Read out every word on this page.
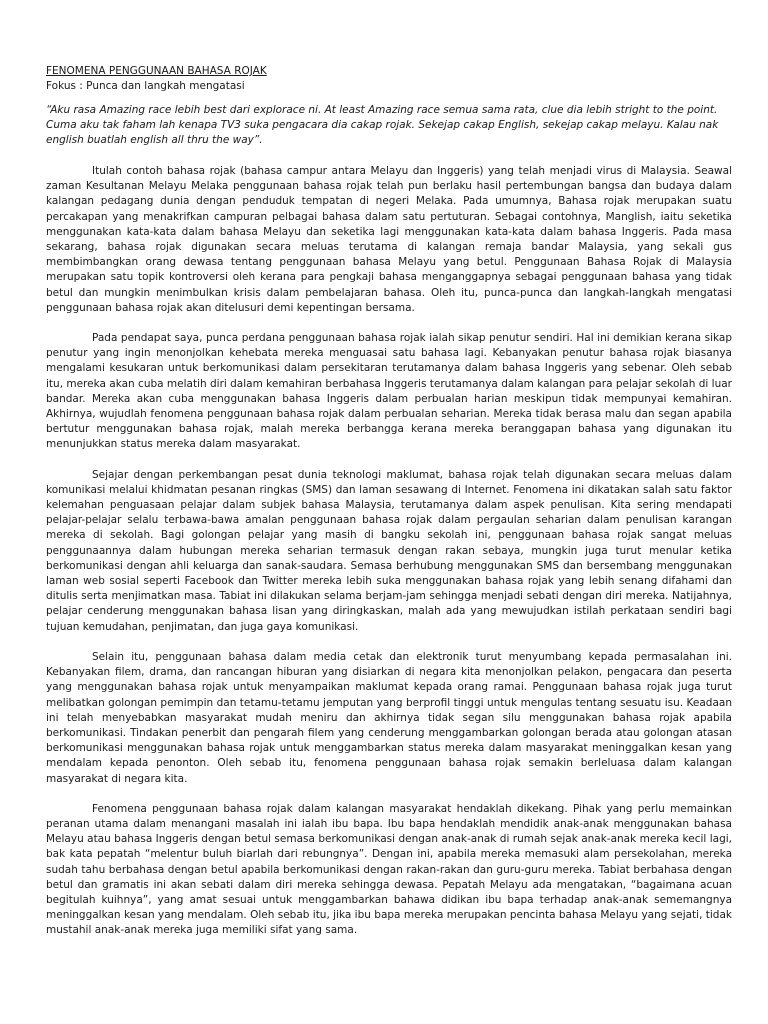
FENOMENA PENGGUNAAN BAHASA ROJAK

Fokus : Punca dan langkah mengatasi

“Aku rasa Amazing race lebih best dari explorace ni. At least Amazing race semua sama rata, clue dia lebih stright to the point. Cuma aku tak faham lah kenapa TV3 suka pengacara dia cakap rojak. Sekejap cakap English, sekejap cakap melayu. Kalau nak english buatlah english all thru the way”.

Itulah contoh bahasa rojak (bahasa campur antara Melayu dan Inggeris) yang telah menjadi virus di Malaysia. Seawal zaman Kesultanan Melayu Melaka penggunaan bahasa rojak telah pun berlaku hasil pertembungan bangsa dan budaya dalam kalangan pedagang dunia dengan penduduk tempatan di negeri Melaka. Pada umumnya, Bahasa rojak merupakan suatu percakapan yang menakrifkan campuran pelbagai bahasa dalam satu pertuturan. Sebagai contohnya, Manglish, iaitu seketika menggunakan kata-kata dalam bahasa Melayu dan seketika lagi menggunakan kata-kata dalam bahasa Inggeris. Pada masa sekarang, bahasa rojak digunakan secara meluas terutama di kalangan remaja bandar Malaysia, yang sekali gus membimbangkan orang dewasa tentang penggunaan bahasa Melayu yang betul. Penggunaan Bahasa Rojak di Malaysia merupakan satu topik kontroversi oleh kerana para pengkaji bahasa menganggapnya sebagai penggunaan bahasa yang tidak betul dan mungkin menimbulkan krisis dalam pembelajaran bahasa. Oleh itu, punca-punca dan langkah-langkah mengatasi penggunaan bahasa rojak akan ditelusuri demi kepentingan bersama.

Pada pendapat saya, punca perdana penggunaan bahasa rojak ialah sikap penutur sendiri. Hal ini demikian kerana sikap penutur yang ingin menonjolkan kehebata mereka menguasai satu bahasa lagi. Kebanyakan penutur bahasa rojak biasanya mengalami kesukaran untuk berkomunikasi dalam persekitaran terutamanya dalam bahasa Inggeris yang sebenar. Oleh sebab itu, mereka akan cuba melatih diri dalam kemahiran berbahasa Inggeris terutamanya dalam kalangan para pelajar sekolah di luar bandar. Mereka akan cuba menggunakan bahasa Inggeris dalam perbualan harian meskipun tidak mempunyai kemahiran. Akhirnya, wujudlah fenomena penggunaan bahasa rojak dalam perbualan seharian. Mereka tidak berasa malu dan segan apabila bertutur menggunakan bahasa rojak, malah mereka berbangga kerana mereka beranggapan bahasa yang digunakan itu menunjukkan status mereka dalam masyarakat.

Sejajar dengan perkembangan pesat dunia teknologi maklumat, bahasa rojak telah digunakan secara meluas dalam komunikasi melalui khidmatan pesanan ringkas (SMS) dan laman sesawang di Internet. Fenomena ini dikatakan salah satu faktor kelemahan penguasaan pelajar dalam subjek bahasa Malaysia, terutamanya dalam aspek penulisan. Kita sering mendapati pelajar-pelajar selalu terbawa-bawa amalan penggunaan bahasa rojak dalam pergaulan seharian dalam penulisan karangan mereka di sekolah. Bagi golongan pelajar yang masih di bangku sekolah ini, penggunaan bahasa rojak sangat meluas penggunaannya dalam hubungan mereka seharian termasuk dengan rakan sebaya, mungkin juga turut menular ketika berkomunikasi dengan ahli keluarga dan sanak-saudara. Semasa berhubung menggunakan SMS dan bersembang menggunakan laman web sosial seperti Facebook dan Twitter mereka lebih suka menggunakan bahasa rojak yang lebih senang difahami dan ditulis serta menjimatkan masa. Tabiat ini dilakukan selama berjam-jam sehingga menjadi sebati dengan diri mereka. Natijahnya, pelajar cenderung menggunakan bahasa lisan yang diringkaskan, malah ada yang mewujudkan istilah perkataan sendiri bagi tujuan kemudahan, penjimatan, dan juga gaya komunikasi.

Selain itu, penggunaan bahasa dalam media cetak dan elektronik turut menyumbang kepada permasalahan ini. Kebanyakan filem, drama, dan rancangan hiburan yang disiarkan di negara kita menonjolkan pelakon, pengacara dan peserta yang menggunakan bahasa rojak untuk menyampaikan maklumat kepada orang ramai. Penggunaan bahasa rojak juga turut melibatkan golongan pemimpin dan tetamu-tetamu jemputan yang berprofil tinggi untuk mengulas tentang sesuatu isu. Keadaan ini telah menyebabkan masyarakat mudah meniru dan akhirnya tidak segan silu menggunakan bahasa rojak apabila berkomunikasi. Tindakan penerbit dan pengarah filem yang cenderung menggambarkan golongan berada atau golongan atasan berkomunikasi menggunakan bahasa rojak untuk menggambarkan status mereka dalam masyarakat meninggalkan kesan yang mendalam kepada penonton. Oleh sebab itu, fenomena penggunaan bahasa rojak semakin berleluasa dalam kalangan masyarakat di negara kita.

Fenomena penggunaan bahasa rojak dalam kalangan masyarakat hendaklah dikekang. Pihak yang perlu memainkan peranan utama dalam menangani masalah ini ialah ibu bapa. Ibu bapa hendaklah mendidik anak-anak menggunakan bahasa Melayu atau bahasa Inggeris dengan betul semasa berkomunikasi dengan anak-anak di rumah sejak anak-anak mereka kecil lagi, bak kata pepatah “melentur buluh biarlah dari rebungnya”. Dengan ini, apabila mereka memasuki alam persekolahan, mereka sudah tahu berbahasa dengan betul apabila berkomunikasi dengan rakan-rakan dan guru-guru mereka. Tabiat berbahasa dengan betul dan gramatis ini akan sebati dalam diri mereka sehingga dewasa. Pepatah Melayu ada mengatakan, “bagaimana acuan begitulah kuihnya”, yang amat sesuai untuk menggambarkan bahawa didikan ibu bapa terhadap anak-anak sememangnya meninggalkan kesan yang mendalam. Oleh sebab itu, jika ibu bapa mereka merupakan pencinta bahasa Melayu yang sejati, tidak mustahil anak-anak mereka juga memiliki sifat yang sama.
